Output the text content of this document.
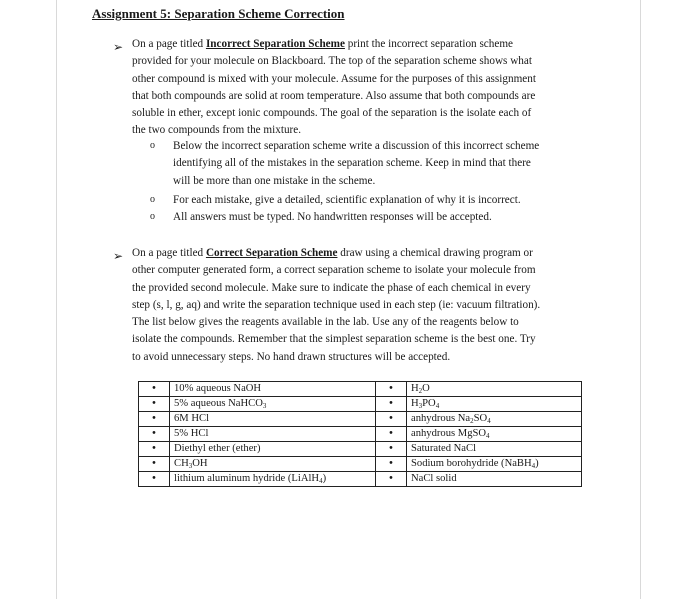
Assignment 5: Separation Scheme Correction
➢ On a page titled Incorrect Separation Scheme print the incorrect separation scheme
provided for your molecule on Blackboard. The top of the separation scheme shows what
other compound is mixed with your molecule. Assume for the purposes of this assignment
that both compounds are solid at room temperature. Also assume that both compounds are
soluble in ether, except ionic compounds. The goal of the separation is the isolate each of
the two compounds from the mixture.
o Below the incorrect separation scheme write a discussion of this incorrect scheme
identifying all of the mistakes in the separation scheme. Keep in mind that there
will be more than one mistake in the scheme.
o For each mistake, give a detailed, scientific explanation of why it is incorrect.
o All answers must be typed. No handwritten responses will be accepted.
➢ On a page titled Correct Separation Scheme draw using a chemical drawing program or
other computer generated form, a correct separation scheme to isolate your molecule from
the provided second molecule. Make sure to indicate the phase of each chemical in every
step (s, l, g, aq) and write the separation technique used in each step (ie: vacuum filtration).
The list below gives the reagents available in the lab. Use any of the reagents below to
isolate the compounds. Remember that the simplest separation scheme is the best one. Try
to avoid unnecessary steps. No hand drawn structures will be accepted.
•	10% aqueous NaOH	•	$H_2O$
•	5% aqueous NaHCO$_3$	•	$H_3PO_4$
•	6M HCl	•	anhydrous $Na_2SO_4$
•	5% HCl	•	anhydrous MgSO$_4$
•	Diethyl ether (ether)	•	Saturated NaCl
•	$CH_3OH$	•	Sodium borohydride (NaBH$_4$)
•	lithium aluminum hydride (LiAlH$_4$)	•	NaCl solid
